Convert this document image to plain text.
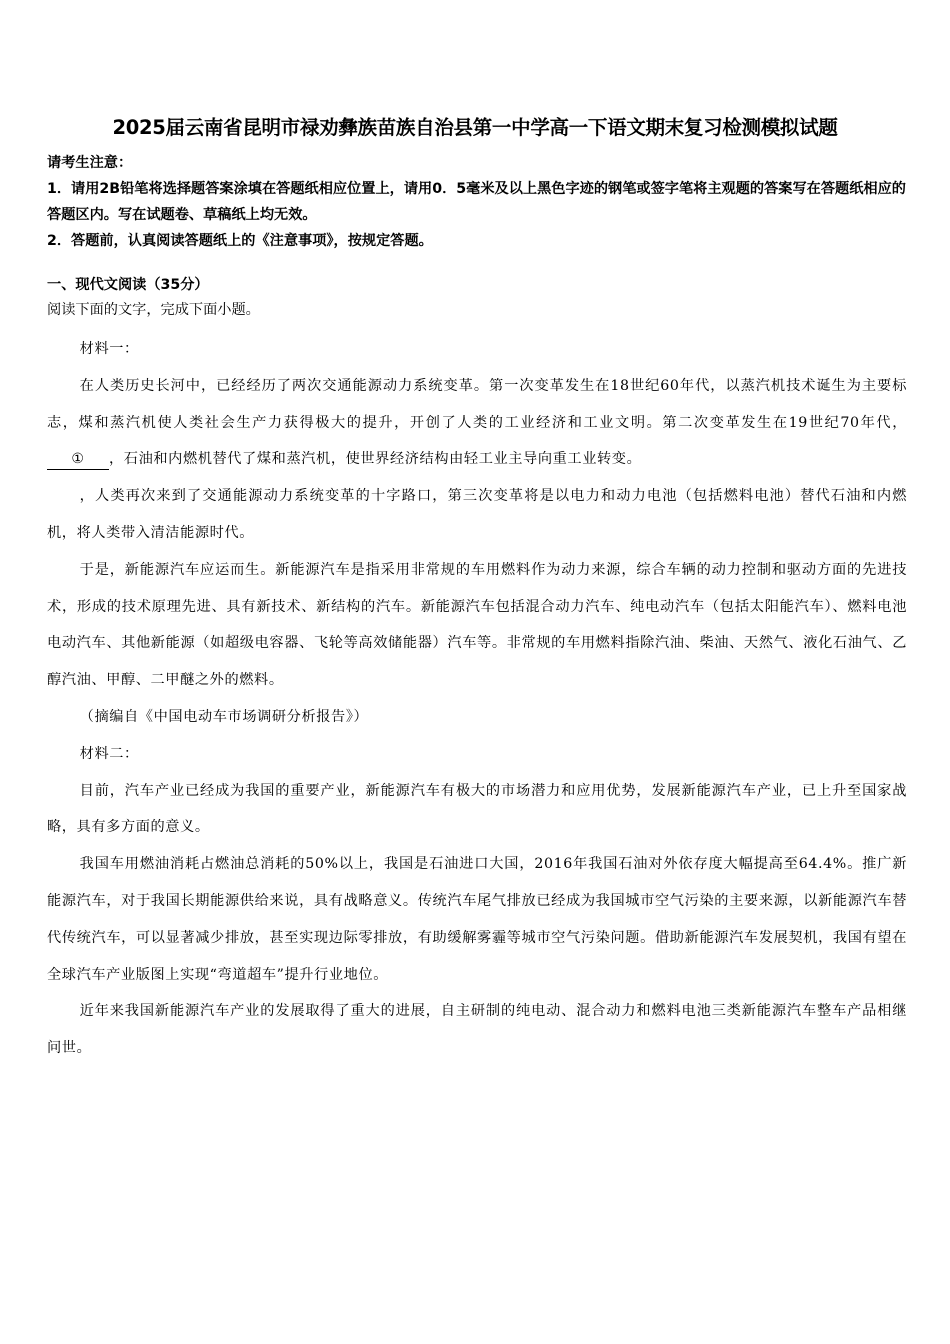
2025届云南省昆明市禄劝彝族苗族自治县第一中学高一下语文期末复习检测模拟试题

请考生注意：

1．请用2B铅笔将选择题答案涂填在答题纸相应位置上，请用0．5毫米及以上黑色字迹的钢笔或签字笔将主观题的答案写在答题纸相应的答题区内。写在试题卷、草稿纸上均无效。

2．答题前，认真阅读答题纸上的《注意事项》，按规定答题。

一、现代文阅读（35分）
阅读下面的文字，完成下面小题。

材料一：

在人类历史长河中，已经经历了两次交通能源动力系统变革。第一次变革发生在18世纪60年代，以蒸汽机技术诞生为主要标志，煤和蒸汽机使人类社会生产力获得极大的提升，开创了人类的工业经济和工业文明。第二次变革发生在19世纪70年代，① ，石油和内燃机替代了煤和蒸汽机，使世界经济结构由轻工业主导向重工业转变。

，人类再次来到了交通能源动力系统变革的十字路口，第三次变革将是以电力和动力电池（包括燃料电池）替代石油和内燃机，将人类带入清洁能源时代。

于是，新能源汽车应运而生。新能源汽车是指采用非常规的车用燃料作为动力来源，综合车辆的动力控制和驱动方面的先进技术，形成的技术原理先进、具有新技术、新结构的汽车。新能源汽车包括混合动力汽车、纯电动汽车（包括太阳能汽车）、燃料电池电动汽车、其他新能源（如超级电容器、飞轮等高效储能器）汽车等。非常规的车用燃料指除汽油、柴油、天然气、液化石油气、乙醇汽油、甲醇、二甲醚之外的燃料。

（摘编自《中国电动车市场调研分析报告》）

材料二：

目前，汽车产业已经成为我国的重要产业，新能源汽车有极大的市场潜力和应用优势，发展新能源汽车产业，已上升至国家战略，具有多方面的意义。

我国车用燃油消耗占燃油总消耗的50%以上，我国是石油进口大国，2016年我国石油对外依存度大幅提高至64.4%。推广新能源汽车，对于我国长期能源供给来说，具有战略意义。传统汽车尾气排放已经成为我国城市空气污染的主要来源，以新能源汽车替代传统汽车，可以显著减少排放，甚至实现边际零排放，有助缓解雾霾等城市空气污染问题。借助新能源汽车发展契机，我国有望在全球汽车产业版图上实现“弯道超车”提升行业地位。

近年来我国新能源汽车产业的发展取得了重大的进展，自主研制的纯电动、混合动力和燃料电池三类新能源汽车整车产品相继问世。
